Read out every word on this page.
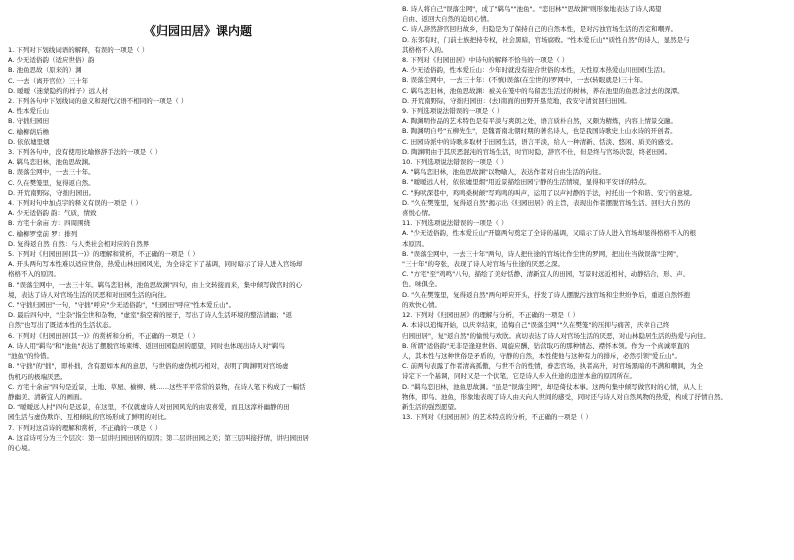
《归园田居》课内题
1. 下列对下划线词语的解释，有误的一项是（ ）
A. 少无适俗韵（适应世俗）韵
B. 池鱼思故（原来的）渊
C. 一去（离开官位）三十年
D. 暧暧（迷蒙隐约的样子）远人村
2. 下列各句中下划线词的意义和现代汉语不相同的一项是（ ）
A. 性本爱丘山
B. 守拙归园田
C. 榆柳荫后檐
D. 依依墟里烟
3. 下列各句中，没有使用比喻修辞手法的一项是（ ）
A. 羁鸟恋旧林，池鱼思故渊。
B. 误落尘网中，一去三十年。
C. 久在樊笼里，复得返自然。
D. 开荒南野际，守拙归园田。
4. 下列对句中加点字的释义有误的一项是（ ）
A. 少无适俗韵 韵：气质，情致
B. 方宅十余亩 方：四周围绕
C. 榆柳罗堂前 罗：排列
D. 复得返自然 自然：与人类社会相对应的自然界
5. 下列对《归园田居(其一)》的理解和赏析，不正确的一项是（ ）
A. 开头两句写本性难以适应世俗，热爱山林田园风光，为全诗定下了基调，同时暗示了诗人进入官场却
格格不入的原因。
B. "误落尘网中，一去三十年。羁鸟恋旧林，池鱼思故渊"四句，由上文转接而来，集中倾写做官时的心
境，表达了诗人对官场生活的厌恶和对田园生活的向往。
C. "守拙归园田"一句，"守拙"呼应"少无适俗韵"，"归园田"呼应"性本爱丘山"。
D. 最后四句中，"尘杂"指尘世和杂物，"虚室"指空着的屋子，写出了诗人生活环境的整洁清幽；"返
自然"也写出了既适本性的生活状态。
6. 下列对《归园田居(其一)》的赏析和分析，不正确的一项是（ ）
A. 诗人用"羁鸟"和"池鱼"表达了摆脱官场束缚、返回田园隐居的愿望，同时也体现出诗人对"羁鸟
"池鱼"的怜惜。
B. "守拙"的"拙"，即朴拙，含有愿如本真的意思，与世俗的虚伪机巧相对，表明了陶渊明对官场虚
伪机巧的极端厌恶。
C. 方宅十余亩"四句是近景，土地、草屋、榆柳、桃……这些平平常常的景物，在诗人笔下构成了一幅恬
静幽美、清新宜人的画面。
D. "暧暧远人村"四句是远景，在这里，不仅就虚诗人对田园风光的由衷喜爱，而且这淳朴幽静的田
园生活与虚伪欺诈、互相倾轧的官场形成了鲜明的对比。
7. 下列对这首诗的理解和赏析，不正确的一项是（ ）
A. 这首诗可分为三个层次：第一层讲归园田居的原因；第二层讲田园之美；第三层叫接抒情，讲归园田居
的心境。
B. 诗人将自己"误落尘网"，成了"羁鸟""池鱼"。"恋旧林""思故渊"则形象地表达了诗人渴望
自由、返回大自然的迫切心情。
C. 诗人辞然辞官回归故乡，归隐是为了保持自己的自然本性，是对污浊官场生活的否定和嘲弄。
D. 东邻有时，门前士族把持专权，社会黑暗，官场腐败。"性本爱丘山""质性自然"的诗人，显然是与
其格格不入的。
8. 下列对《归园田居》中诗句的解释不恰当的一项是（ ）
A. 少无适俗韵，性本爱丘山：少年时就没有迎合世俗的本性，天性原本热爱山川田园(生活)。
B. 误落尘网中，一去三十年：(不慎)误落(在尘世的)罗网中，一去(转眼就是)三十年。
C. 羁鸟恋旧林，池鱼思故渊：被关在笼中的鸟留恋生活过的树林，养在池里的鱼思念过去的深潭。
D. 开荒南野际，守拙归园田：(去)南面的田野开垦荒地，我安守清贫回归田园。
9. 下列选项说法错误的一项是（ ）
A. 陶渊明作品的艺术特色是有平淡与爽朗之处，语言质朴自然，又颇为精炼，内容上情景交融。
B. 陶渊明自号"五柳先生"，是魏晋南北朝时期的著名诗人，也是我国诗歌史上山水诗的开创者。
C. 田园诗派中的诗歌多取材于田园生活，语言平淡，给人一种清新、恬淡、悠闲、质美的感受。
D. 陶渊明由于其厌恶混沌的官场生活，时官时隐，辞官不仕，但是终与官场决裂，终老田园。
10. 下列选项说法错误的一项是（ ）
A. "羁鸟恋旧林，池鱼思故渊"以物喻人，表达作者对自由生活的向往。
B. "暧暧远人村，依依墟里烟"用近景描绘田园宁静的生活情境，显得和平安详的特点。
C. "狗吠深巷中，鸡鸣桑树颠"写鸡鸣的叫声，运用了以声衬静的手法，衬托出一个和谐、安宁的意境。
D. "久在樊笼里，复得返自然"揭示出《归园田居》的主旨，表现出作者摆脱官场生活、回归大自然的
喜悦心情。
11. 下列选项说法错误的一项是（ ）
A. "少无适俗韵，性本爱丘山"开篇两句奠定了全诗的基调，又暗示了诗人进入官场却显得格格不入的根
本原因。
B. "误落尘网中，一去三十年"两句，诗人把仕途的官场比作尘世的罗网，把出仕当做误落"尘网"，
"三十年"的夸张，表现了诗人对官场与仕途的厌恶之深。
C. "方宅"至"鸡鸣"八句，描绘了美好恬静、清新宜人的田园，写景时远近相衬，动静结合，形、声、
色、味俱全。
D. "久在樊笼里，复得返自然"两句呼应开头，抒发了诗人摆脱污浊官场和尘世纷争后，重返自然怀抱
的欢快心情。
12. 下列对《归园田居》的理解与分析，不正确的一项是（ ）
A. 本诗以追悔开始，以庆幸结束，追悔自己"误落尘网""久在樊笼"的压抑与痛苦，庆幸自己终
归园田居"，复"返自然"的愉悦与欢欣。真切表达了诗人对官场生活的厌恶，对山林隐居生活的热爱与向往。
B. 所谓"适俗韵"无非是逢迎世俗、周旋应酬、钻营取巧的那种情态、襟怀本领。作为一个真诚率直的
人，其本性与这种世俗是矛盾的，守静的自然，本性使他与这种有力的排斥，必然引领"爱丘山"。
C. 前两句表露了作者清高孤傲，与世不合的性情，眷恋官场，执者高升，对官场黑暗的不满和嘲讽，为全
诗定下一个基调，同时又是一个伏笔，它是诗人步入仕途的违逆本意的原因所在。
D. "羁鸟恋旧林，池鱼思故渊。"虽是"误落尘网"，却是倚仗本事。这两句集中倾写做官时的心情，从人上
物体，即鸟、池鱼，形象地表现了诗人由天向人世间的感受，同时还与诗人对自然风物的热爱，构成了抒情自然、
新生活的强烈愿望。
13. 下列对《归园田居》的艺术特点的分析，不正确的一项是（ ）
